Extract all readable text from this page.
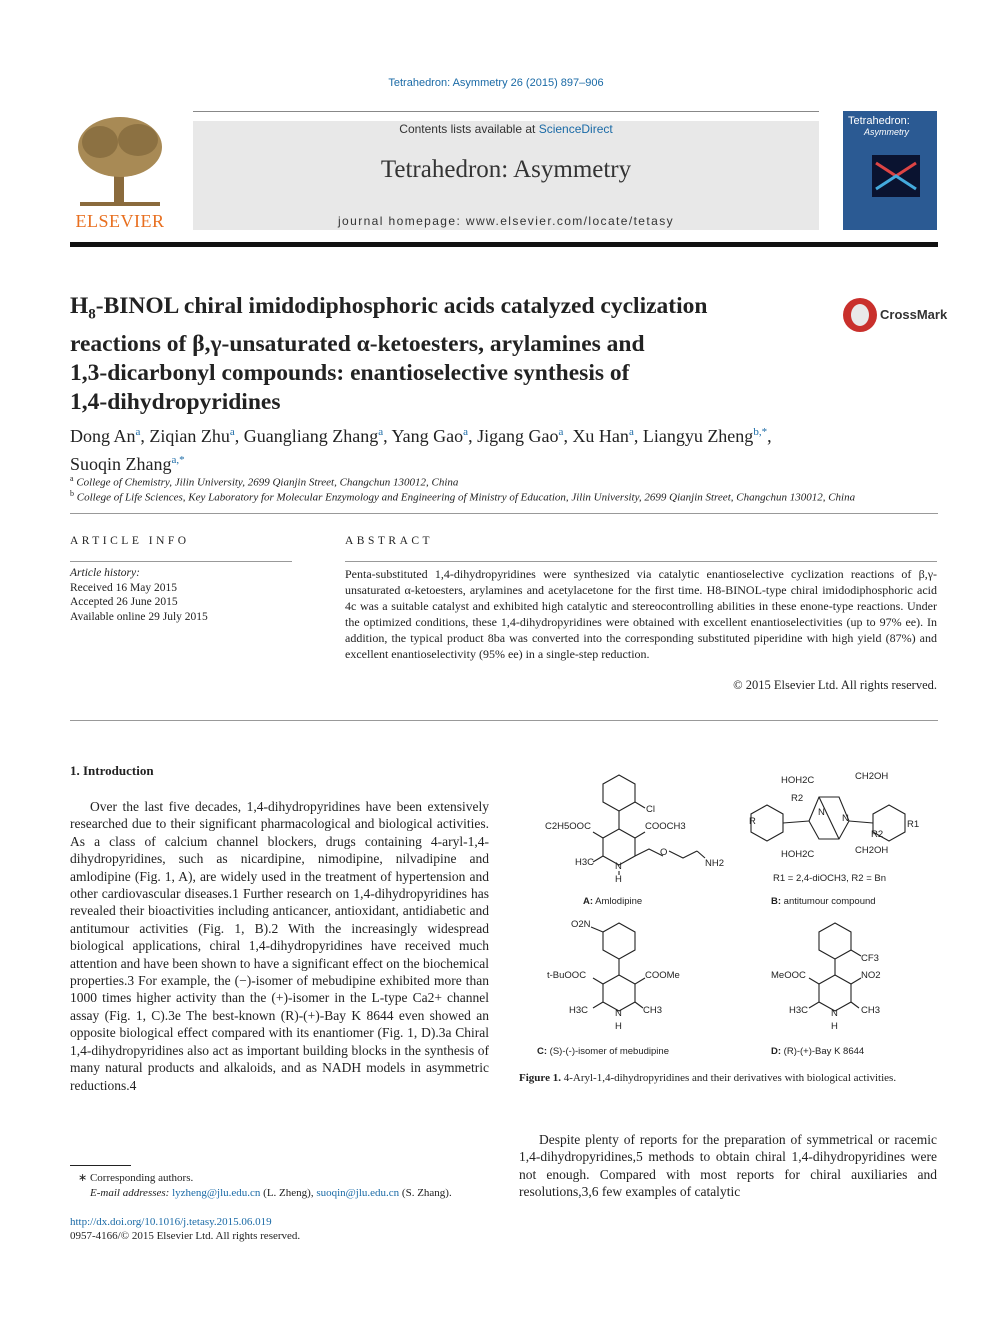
Tetrahedron: Asymmetry 26 (2015) 897–906
ELSEVIER
Contents lists available at ScienceDirect
Tetrahedron: Asymmetry
journal homepage: www.elsevier.com/locate/tetasy
Tetrahedron:
Asymmetry
$H_8$-BINOL chiral imidodiphosphoric acids catalyzed cyclization
reactions of β,γ-unsaturated α-ketoesters, arylamines and
1,3-dicarbonyl compounds: enantioselective synthesis of
1,4-dihydropyridines
CrossMark
Dong An$^a$, Ziqian Zhu$^a$, Guangliang Zhang$^a$, Yang Gao$^a$, Jigang Gao$^a$, Xu Han$^a$, Liangyu Zheng$^{b,*}$,
Suoqin Zhang$^{a,*}$
$^a$ College of Chemistry, Jilin University, 2699 Qianjin Street, Changchun 130012, China
$^b$ College of Life Sciences, Key Laboratory for Molecular Enzymology and Engineering of Ministry of Education, Jilin University, 2699 Qianjin Street, Changchun 130012, China
ARTICLE INFO
Article history:
Received 16 May 2015
Accepted 26 June 2015
Available online 29 July 2015
ABSTRACT
Penta-substituted 1,4-dihydropyridines were synthesized via catalytic enantioselective cyclization reactions of β,γ-unsaturated α-ketoesters, arylamines and acetylacetone for the first time. H8-BINOL-type chiral imidodiphosphoric acid 4c was a suitable catalyst and exhibited high catalytic and stereocontrolling abilities in these enone-type reactions. Under the optimized conditions, these 1,4-dihydropyridines were obtained with excellent enantioselectivities (up to 97% ee). In addition, the typical product 8ba was converted into the corresponding substituted piperidine with high yield (87%) and excellent enantioselectivity (95% ee) in a single-step reduction.
© 2015 Elsevier Ltd. All rights reserved.
1. Introduction
Over the last five decades, 1,4-dihydropyridines have been extensively researched due to their significant pharmacological and biological activities. As a class of calcium channel blockers, drugs containing 4-aryl-1,4-dihydropyridines, such as nicardipine, nimodipine, nilvadipine and amlodipine (Fig. 1, A), are widely used in the treatment of hypertension and other cardiovascular diseases.1 Further research on 1,4-dihydropyridines has revealed their bioactivities including anticancer, antioxidant, antidiabetic and antitumour activities (Fig. 1, B).2 With the increasingly widespread biological applications, chiral 1,4-dihydropyridines have received much attention and have been shown to have a significant effect on the biochemical properties.3 For example, the (−)-isomer of mebudipine exhibited more than 1000 times higher activity than the (+)-isomer in the L-type Ca2+ channel assay (Fig. 1, C).3e The best-known (R)-(+)-Bay K 8644 even showed an opposite biological effect compared with its enantiomer (Fig. 1, D).3a Chiral 1,4-dihydropyridines also act as important building blocks in the synthesis of many natural products and alkaloids, and as NADH models in asymmetric reductions.4
Despite plenty of reports for the preparation of symmetrical or racemic 1,4-dihydropyridines,5 methods to obtain chiral 1,4-dihydropyridines were not enough. Compared with most reports for chiral auxiliaries and resolutions,3,6 few examples of catalytic
∗ Corresponding authors.
E-mail addresses: lyzheng@jlu.edu.cn (L. Zheng), suoqin@jlu.edu.cn (S. Zhang).
http://dx.doi.org/10.1016/j.tetasy.2015.06.019
0957-4166/© 2015 Elsevier Ltd. All rights reserved.
Cl
COOCH3
C2H5OOC
H3C N
H
O
NH2
A: Amlodipine
HOH2C	CH2OH
R2
N
N
R	R1
R2
HOH2C	CH2OH
R1 = 2,4-diOCH3, R2 = Bn
B: antitumour compound
O2N
COOMe
t-BuOOC
H3C	CH3
N
H
C: (S)-(-)-isomer of mebudipine
CF3
NO2
MeOOC
H3C	CH3
N
H
D: (R)-(+)-Bay K 8644
Figure 1. 4-Aryl-1,4-dihydropyridines and their derivatives with biological activities.
